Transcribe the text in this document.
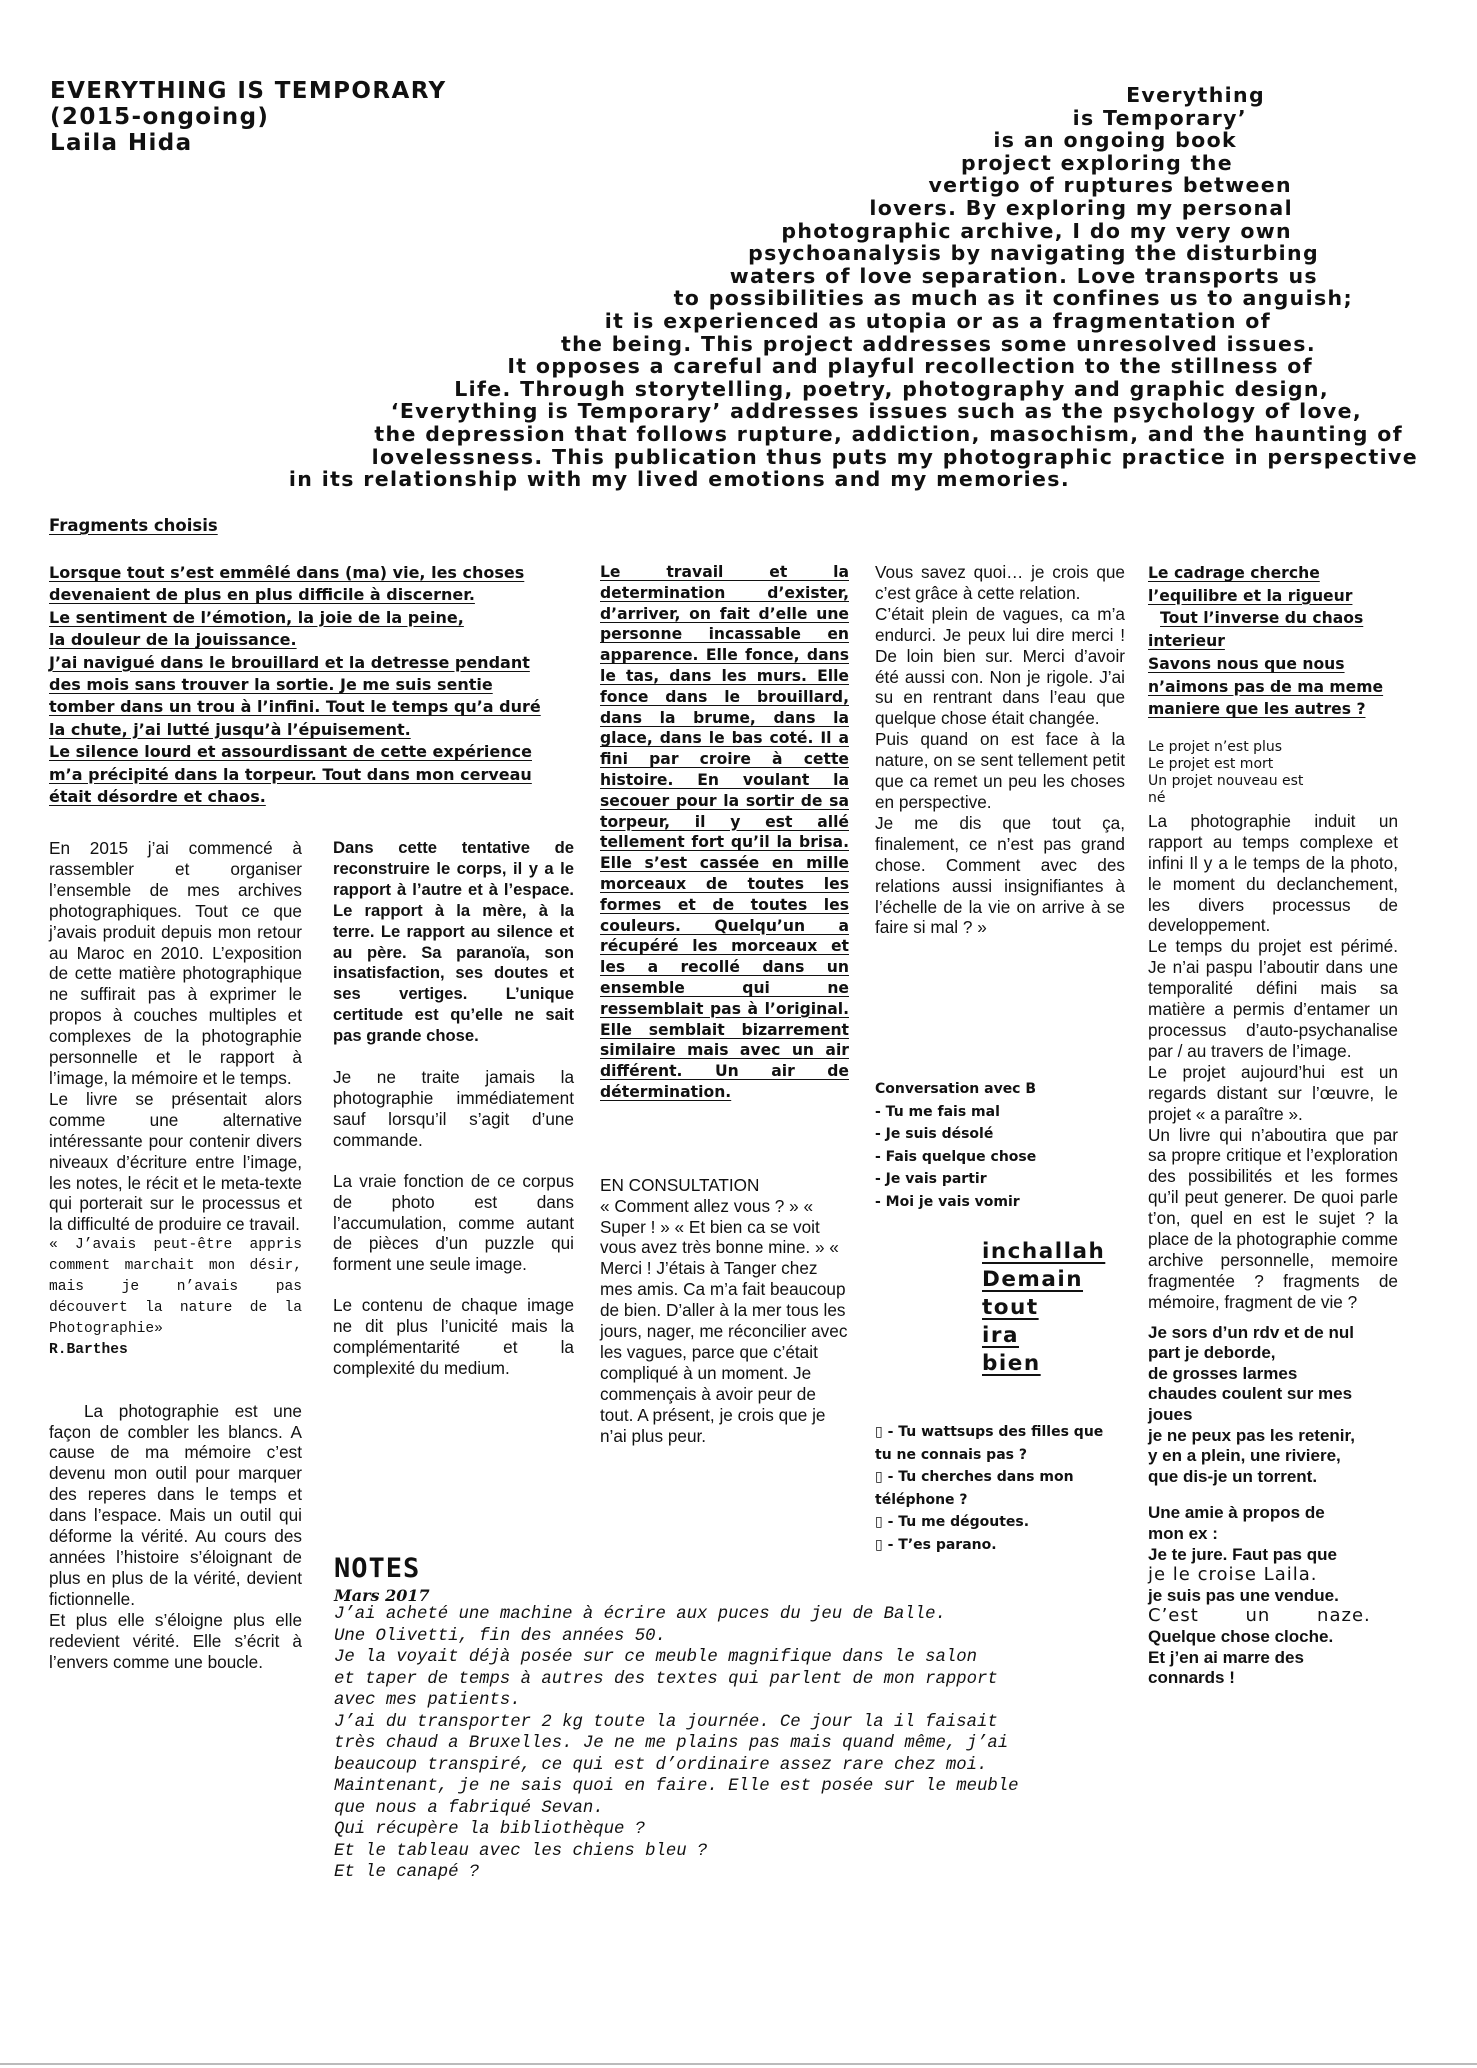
EVERYTHING IS TEMPORARY
(2015-ongoing)
Laila Hida
Everything
is Temporary’
is an ongoing book
project exploring the
vertigo of ruptures between
lovers. By exploring my personal
photographic archive, I do my very own
psychoanalysis by navigating the disturbing
waters of love separation. Love transports us
to possibilities as much as it confines us to anguish;
it is experienced as utopia or as a fragmentation of
the being. This project addresses some unresolved issues.
It opposes a careful and playful recollection to the stillness of
Life. Through storytelling, poetry, photography and graphic design,
‘Everything is Temporary’ addresses issues such as the psychology of love,
the depression that follows rupture, addiction, masochism, and the haunting of
lovelessness. This publication thus puts my photographic practice in perspective
in its relationship with my lived emotions and my memories.
Fragments choisis
Lorsque tout s’est emmêlé dans (ma) vie, les choses
devenaient de plus en plus difficile à discerner.
Le sentiment de l’émotion, la joie de la peine,
la douleur de la jouissance.
J’ai navigué dans le brouillard et la detresse pendant
des mois sans trouver la sortie. Je me suis sentie
tomber dans un trou à l’infini. Tout le temps qu’a duré
la chute, j’ai lutté jusqu’à l’épuisement.
Le silence lourd et assourdissant de cette expérience
m’a précipité dans la torpeur. Tout dans mon cerveau
était désordre et chaos.

En 2015 j’ai commencé à rassembler et organiser l’ensemble de mes archives photographiques. Tout ce que j’avais produit depuis mon retour au Maroc en 2010. L’exposition de cette matière photographique ne suffirait pas à exprimer le propos à couches multiples et complexes de la photographie personnelle et le rapport à l’image, la mémoire et le temps.

Le livre se présentait alors comme une alternative intéressante pour contenir divers niveaux d’écriture entre l’image, les notes, le récit et le meta-texte qui porterait sur le processus et la difficulté de produire ce travail.

« J’avais peut-être appris comment marchait mon désir, mais je n’avais pas découvert la nature de la Photographie»

R.Barthes

La photographie est une façon de combler les blancs. A cause de ma mémoire c’est devenu mon outil pour marquer des reperes dans le temps et dans l’espace. Mais un outil qui déforme la vérité. Au cours des années l’histoire s’éloignant de plus en plus de la vérité, devient fictionnelle.

Et plus elle s’éloigne plus elle redevient vérité. Elle s’écrit à l’envers comme une boucle.

Dans cette tentative de reconstruire le corps, il y a le rapport à l’autre et à l’espace. Le rapport à la mère, à la terre. Le rapport au silence et au père. Sa paranoïa, son insatisfaction, ses doutes et ses vertiges. L’unique certitude est qu’elle ne sait pas grande chose.

Je ne traite jamais la photographie immédiatement sauf lorsqu’il s’agit d’une commande.

La vraie fonction de ce corpus de photo est dans l’accumulation, comme autant de pièces d’un puzzle qui forment une seule image.

Le contenu de chaque image ne dit plus l’unicité mais la complémentarité et la complexité du medium.

Le travail et la determination d’exister, d’arriver, on fait d’elle une personne incassable en apparence. Elle fonce, dans le tas, dans les murs. Elle fonce dans le brouillard, dans la brume, dans la glace, dans le bas coté. Il a fini par croire à cette histoire. En voulant la secouer pour la sortir de sa torpeur, il y est allé tellement fort qu’il la brisa. Elle s’est cassée en mille morceaux de toutes les formes et de toutes les couleurs. Quelqu’un a récupéré les morceaux et les a recollé dans un ensemble qui ne ressemblait pas à l’original. Elle semblait bizarrement similaire mais avec un air différent. Un air de détermination.

EN CONSULTATION

« Comment allez vous ? » « Super ! » « Et bien ca se voit vous avez très bonne mine. » « Merci ! J’étais à Tanger chez mes amis. Ca m’a fait beaucoup de bien. D’aller à la mer tous les jours, nager, me réconcilier avec les vagues, parce que c’était compliqué à un moment. Je commençais à avoir peur de tout. A présent, je crois que je n’ai plus peur.

Vous savez quoi… je crois que c’est grâce à cette relation.

C’était plein de vagues, ca m’a endurci. Je peux lui dire merci ! De loin bien sur. Merci d’avoir été aussi con. Non je rigole. J’ai su en rentrant dans l’eau que quelque chose était changée.

Puis quand on est face à la nature, on se sent tellement petit que ca remet un peu les choses en perspective.

Je me dis que tout ça, finalement, ce n’est pas grand chose. Comment avec des relations aussi insignifiantes à l’échelle de la vie on arrive à se faire si mal ? »

Conversation avec B
- Tu me fais mal
- Je suis désolé
- Fais quelque chose
- Je vais partir
- Moi je vais vomir
inchallah
Demain
tout
ira
bien
▯ - Tu wattsups des filles que
tu ne connais pas ?
▯ - Tu cherches dans mon
téléphone ?
▯ - Tu me dégoutes.
▯ - T’es parano.
Le cadrage cherche
l’equilibre et la rigueur
Tout l’inverse du chaos
interieur
Savons nous que nous
n’aimons pas de ma meme
maniere que les autres ?
Le projet n’est plus
Le projet est mort
Un projet nouveau est
né

La photographie induit un rapport au temps complexe et infini Il y a le temps de la photo, le moment du declanchement, les divers processus de developpement.

Le temps du projet est périmé. Je n’ai paspu l’aboutir dans une temporalité défini mais sa matière a permis d’entamer un processus d’auto-psychanalise par / au travers de l’image.

Le projet aujourd’hui est un regards distant sur l’œuvre, le projet « a paraître ».

Un livre qui n’aboutira que par sa propre critique et l’exploration des possibilités et les formes qu’il peut generer. De quoi parle t’on, quel en est le sujet ? la place de la photographie comme archive personnelle, memoire fragmentée ? fragments de mémoire, fragment de vie ?

Je sors d’un rdv et de nul
part je deborde,
de grosses larmes
chaudes coulent sur mes
joues
je ne peux pas les retenir,
y en a plein, une riviere,
que dis-je un torrent.
Une amie à propos de
mon ex :
Je te jure. Faut pas que
je le croise Laila.
je suis pas une vendue.
C’est un naze.
Quelque chose cloche.
Et j’en ai marre des
connards !
NOTES
Mars 2017
J’ai acheté une machine à écrire aux puces du jeu de Balle.
Une Olivetti, fin des années 50.
Je la voyait déjà posée sur ce meuble magnifique dans le salon
et taper de temps à autres des textes qui parlent de mon rapport
avec mes patients.
J’ai du transporter 2 kg toute la journée. Ce jour la il faisait
très chaud a Bruxelles. Je ne me plains pas mais quand même, j’ai
beaucoup transpiré, ce qui est d’ordinaire assez rare chez moi.
Maintenant, je ne sais quoi en faire. Elle est posée sur le meuble
que nous a fabriqué Sevan.
Qui récupère la bibliothèque ?
Et le tableau avec les chiens bleu ?
Et le canapé ?
